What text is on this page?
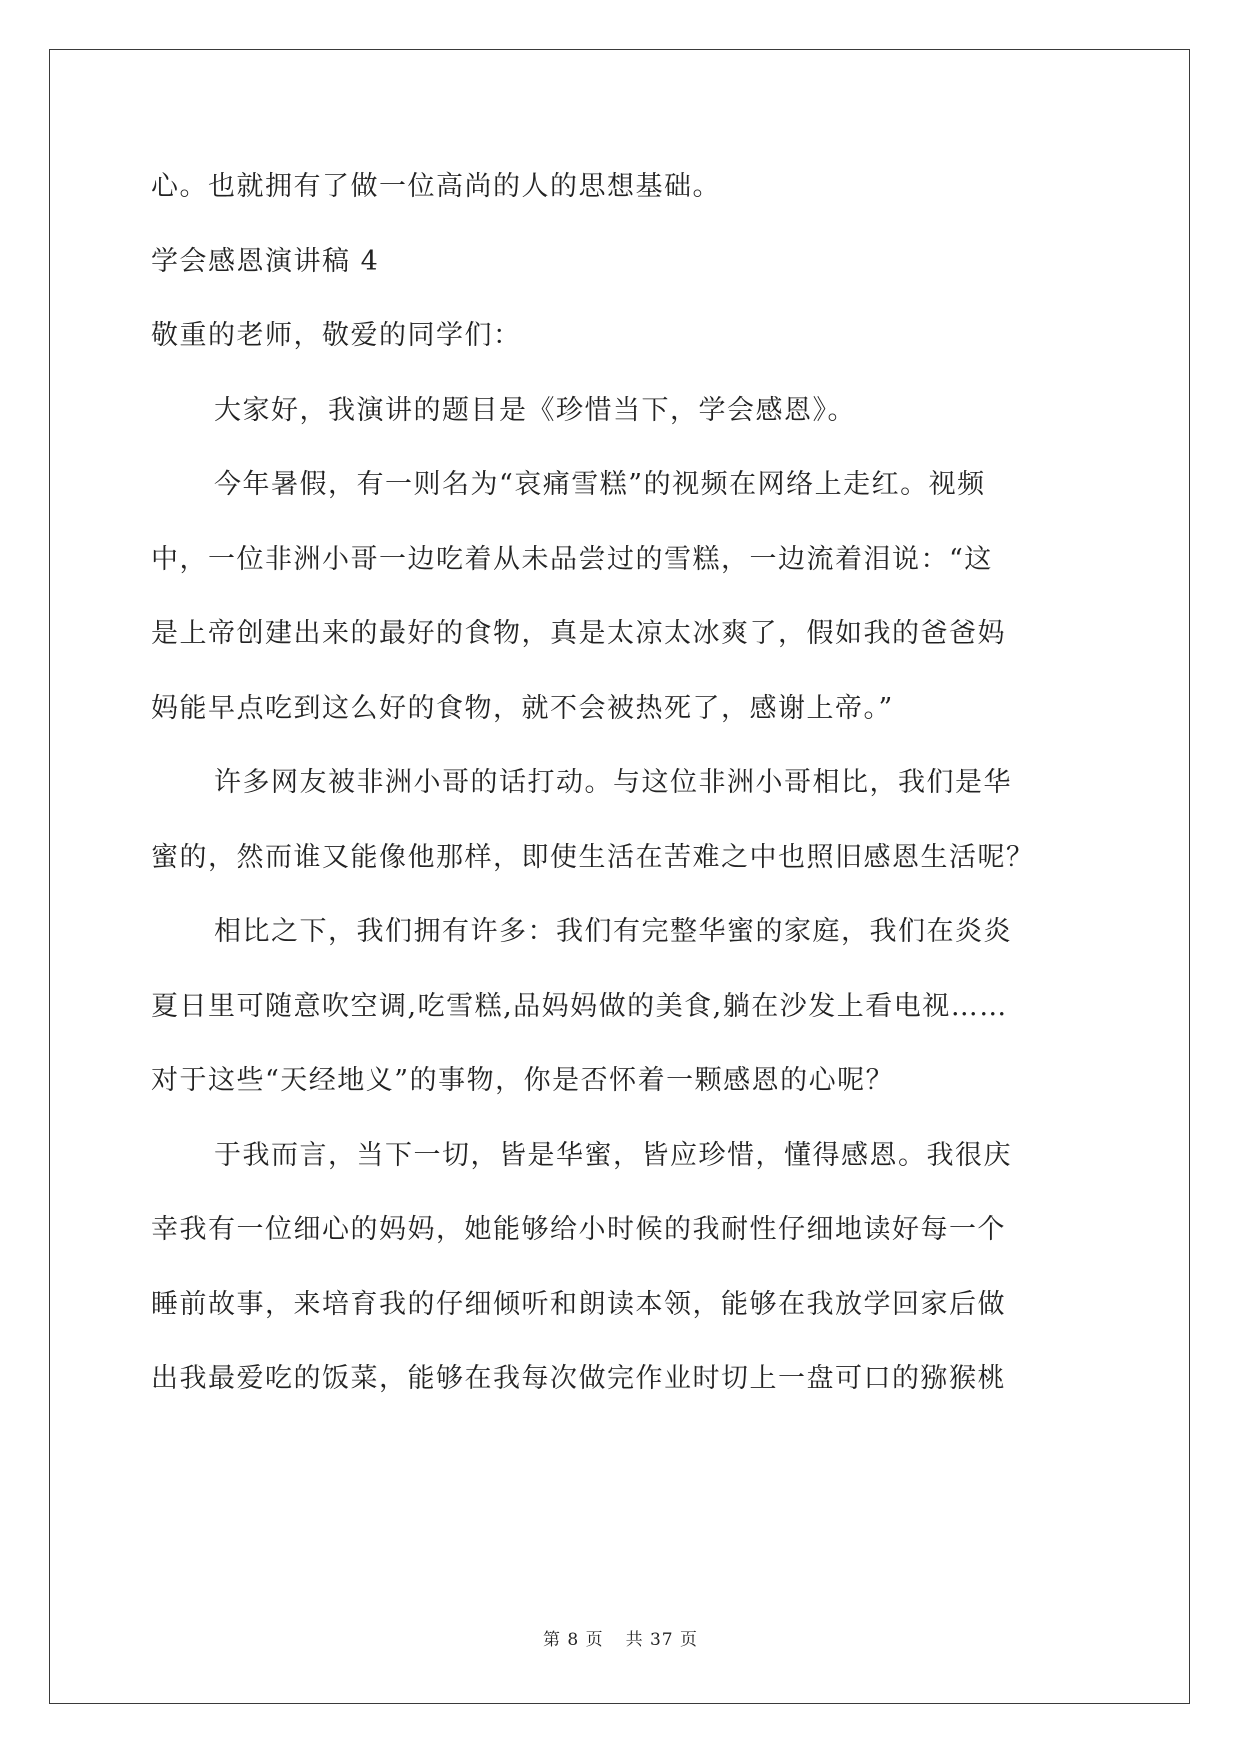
心。也就拥有了做一位高尚的人的思想基础。
学会感恩演讲稿 4
敬重的老师，敬爱的同学们：
大家好，我演讲的题目是《珍惜当下，学会感恩》。
今年暑假，有一则名为“哀痛雪糕”的视频在网络上走红。视频
中，一位非洲小哥一边吃着从未品尝过的雪糕，一边流着泪说：“这
是上帝创建出来的最好的食物，真是太凉太冰爽了，假如我的爸爸妈
妈能早点吃到这么好的食物，就不会被热死了，感谢上帝。”
许多网友被非洲小哥的话打动。与这位非洲小哥相比，我们是华
蜜的，然而谁又能像他那样，即使生活在苦难之中也照旧感恩生活呢？
相比之下，我们拥有许多：我们有完整华蜜的家庭，我们在炎炎
夏日里可随意吹空调,吃雪糕,品妈妈做的美食,躺在沙发上看电视……
对于这些“天经地义”的事物，你是否怀着一颗感恩的心呢？
于我而言，当下一切，皆是华蜜，皆应珍惜，懂得感恩。我很庆
幸我有一位细心的妈妈，她能够给小时候的我耐性仔细地读好每一个
睡前故事，来培育我的仔细倾听和朗读本领，能够在我放学回家后做
出我最爱吃的饭菜，能够在我每次做完作业时切上一盘可口的猕猴桃
第 8 页 共 37 页
